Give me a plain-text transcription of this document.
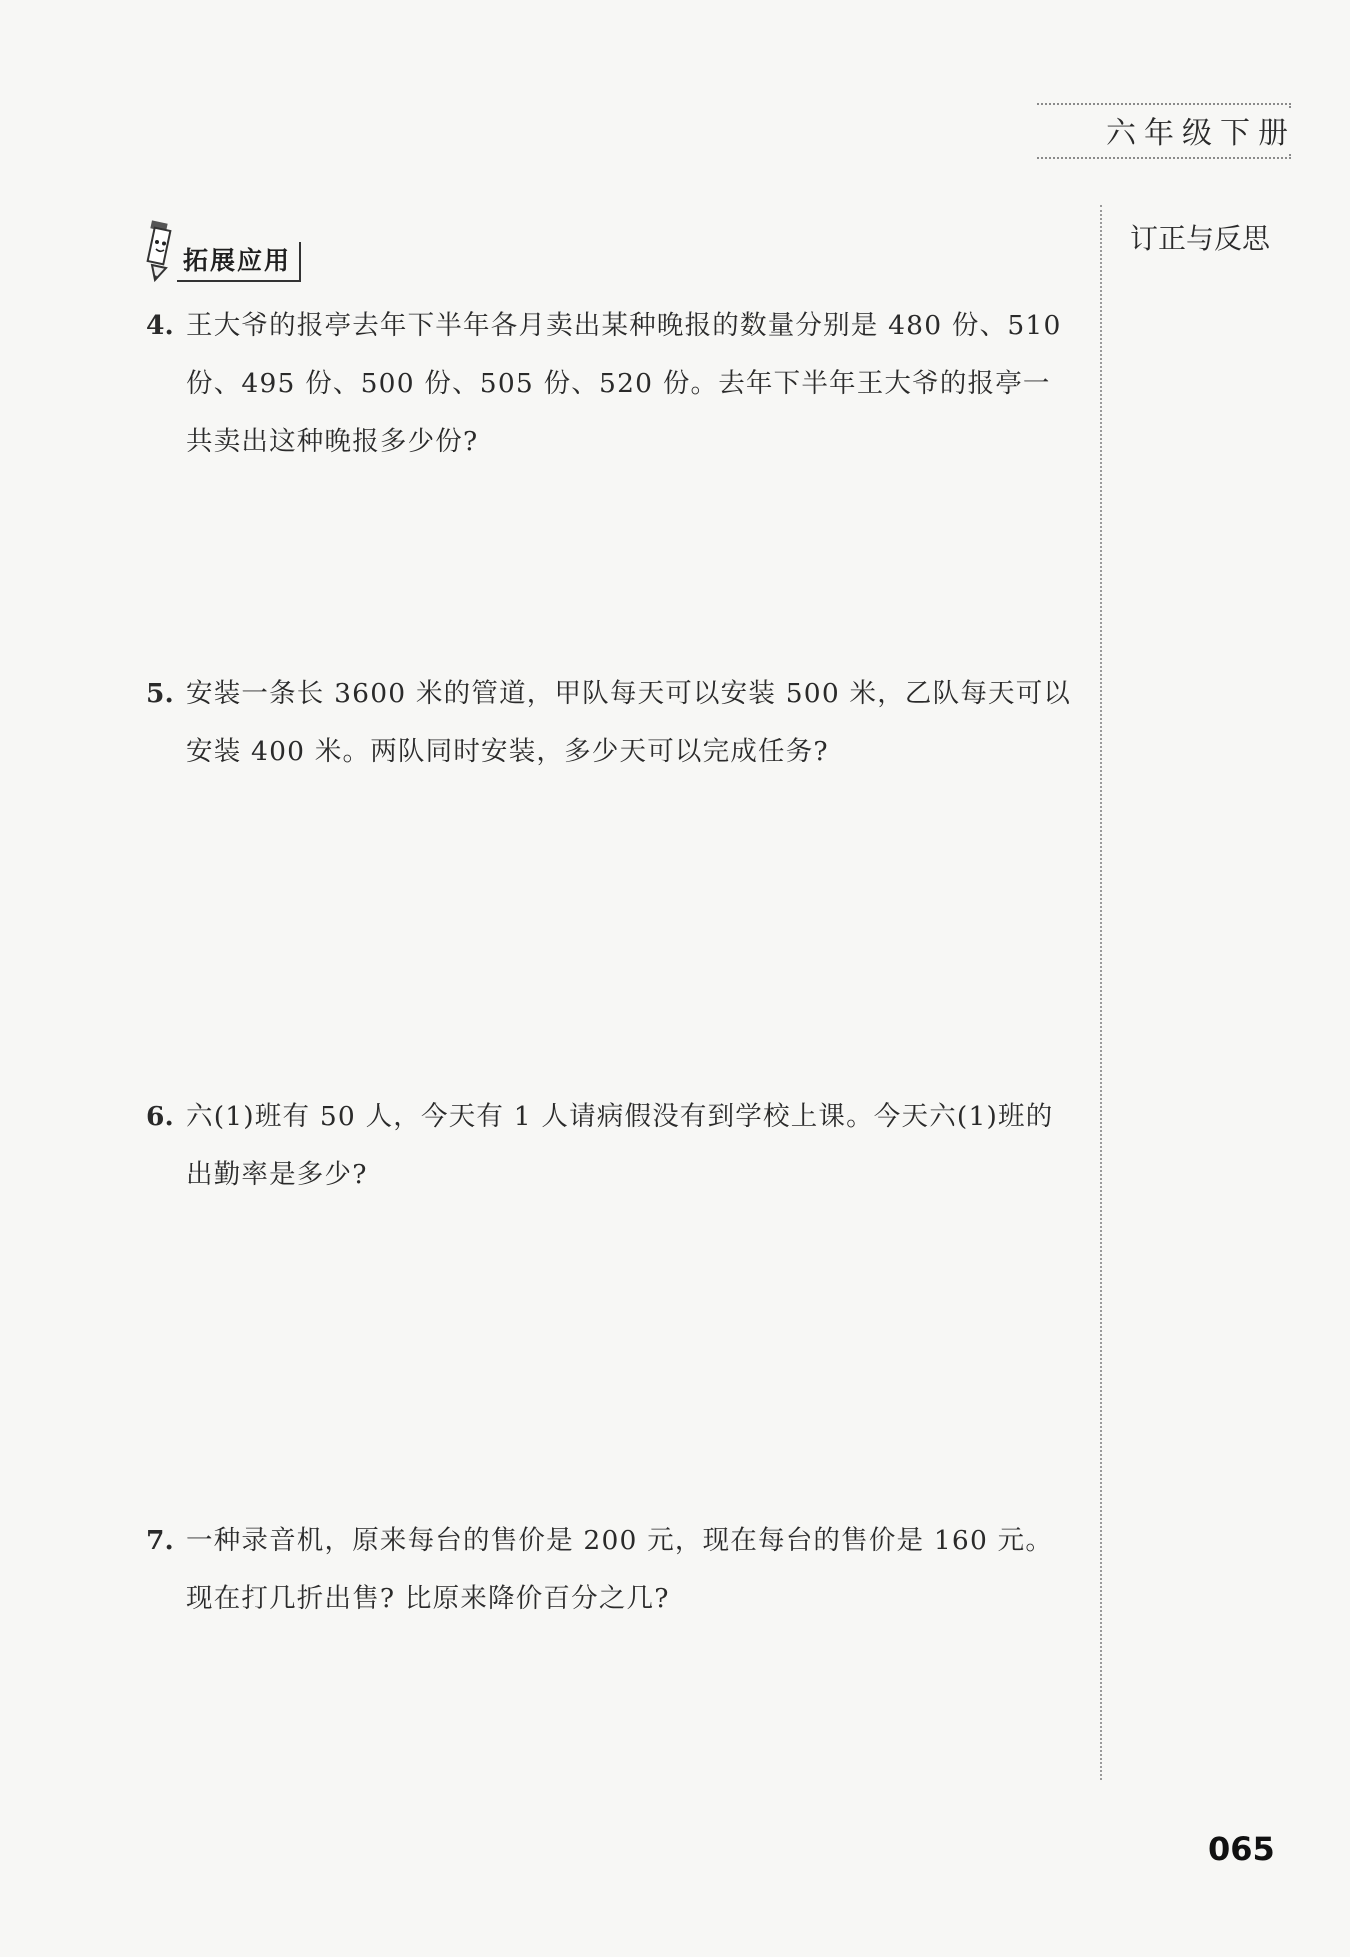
六年级下册
订正与反思
拓展应用
4. 王大爷的报亭去年下半年各月卖出某种晚报的数量分别是 480 份、510 份、495 份、500 份、505 份、520 份。去年下半年王大爷的报亭一共卖出这种晚报多少份?
5. 安装一条长 3600 米的管道，甲队每天可以安装 500 米，乙队每天可以安装 400 米。两队同时安装，多少天可以完成任务?
6. 六(1)班有 50 人，今天有 1 人请病假没有到学校上课。今天六(1)班的出勤率是多少?
7. 一种录音机，原来每台的售价是 200 元，现在每台的售价是 160 元。现在打几折出售? 比原来降价百分之几?
065
